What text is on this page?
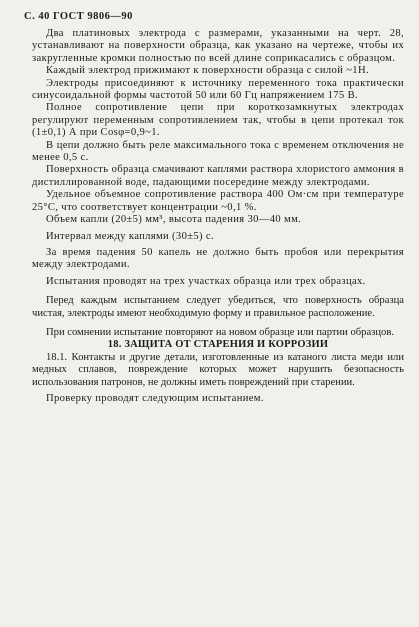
С. 40 ГОСТ 9806—90

Два платиновых электрода с размерами, указанными на черт. 28, устанавливают на поверхности образца, как указано на чертеже, чтобы их закругленные кромки полностью по всей длине соприкасались с образцом.

Каждый электрод прижимают к поверхности образца с силой ~1Н.

Электроды присоединяют к источнику переменного тока практически синусоидальной формы частотой 50 или 60 Гц напряжением 175 В.

Полное сопротивление цепи при короткозамкнутых электродах регулируют переменным сопротивлением так, чтобы в цепи протекал ток (1±0,1) А при Cosφ=0,9~1.

В цепи должно быть реле максимального тока с временем отключения не менее 0,5 с.

Поверхность образца смачивают каплями раствора хлористого аммония в дистиллированной воде, падающими посередине между электродами.

Удельное объемное сопротивление раствора 400 Ом·см при температуре 25°C, что соответствует концентрации ~0,1 %.

Объем капли (20±5) мм³, высота падения 30—40 мм.

Интервал между каплями (30±5) с.

За время падения 50 капель не должно быть пробоя или перекрытия между электродами.

Испытания проводят на трех участках образца или трех образцах.

Перед каждым испытанием следует убедиться, что поверхность образца чистая, электроды имеют необходимую форму и правильное расположение.

При сомнении испытание повторяют на новом образце или партии образцов.

18. ЗАЩИТА ОТ СТАРЕНИЯ И КОРРОЗИИ

18.1. Контакты и другие детали, изготовленные из катаного листа меди или медных сплавов, повреждение которых может нарушить безопасность использования патронов, не должны иметь повреждений при старении.

Проверку проводят следующим испытанием.
